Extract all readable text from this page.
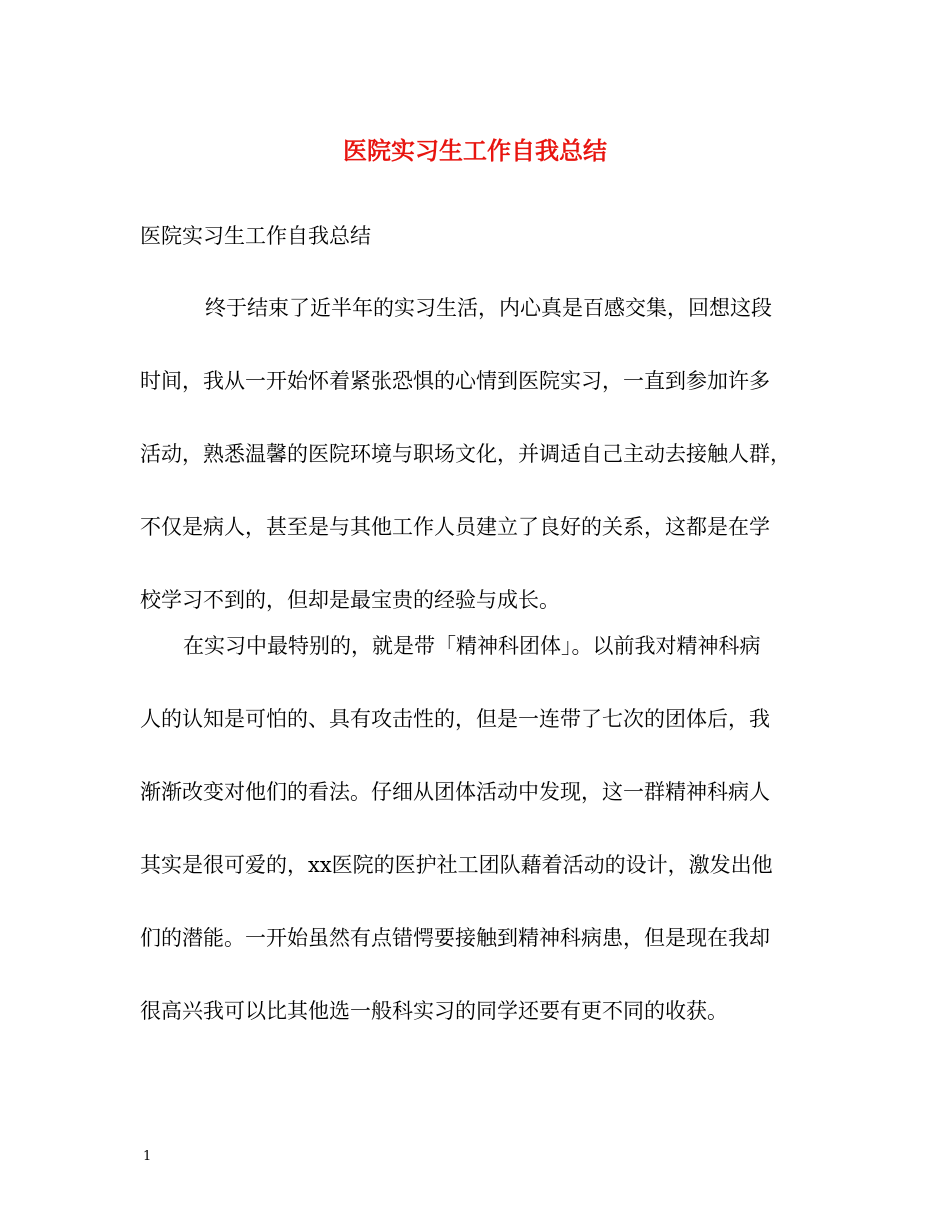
医院实习生工作自我总结
医院实习生工作自我总结
终于结束了近半年的实习生活，内心真是百感交集，回想这段
时间，我从一开始怀着紧张恐惧的心情到医院实习，一直到参加许多
活动，熟悉温馨的医院环境与职场文化，并调适自己主动去接触人群，
不仅是病人，甚至是与其他工作人员建立了良好的关系，这都是在学
校学习不到的，但却是最宝贵的经验与成长。
在实习中最特别的，就是带「精神科团体」。以前我对精神科病
人的认知是可怕的、具有攻击性的，但是一连带了七次的团体后，我
渐渐改变对他们的看法。仔细从团体活动中发现，这一群精神科病人
其实是很可爱的，xx医院的医护社工团队藉着活动的设计，激发出他
们的潜能。一开始虽然有点错愕要接触到精神科病患，但是现在我却
很高兴我可以比其他选一般科实习的同学还要有更不同的收获。
1
